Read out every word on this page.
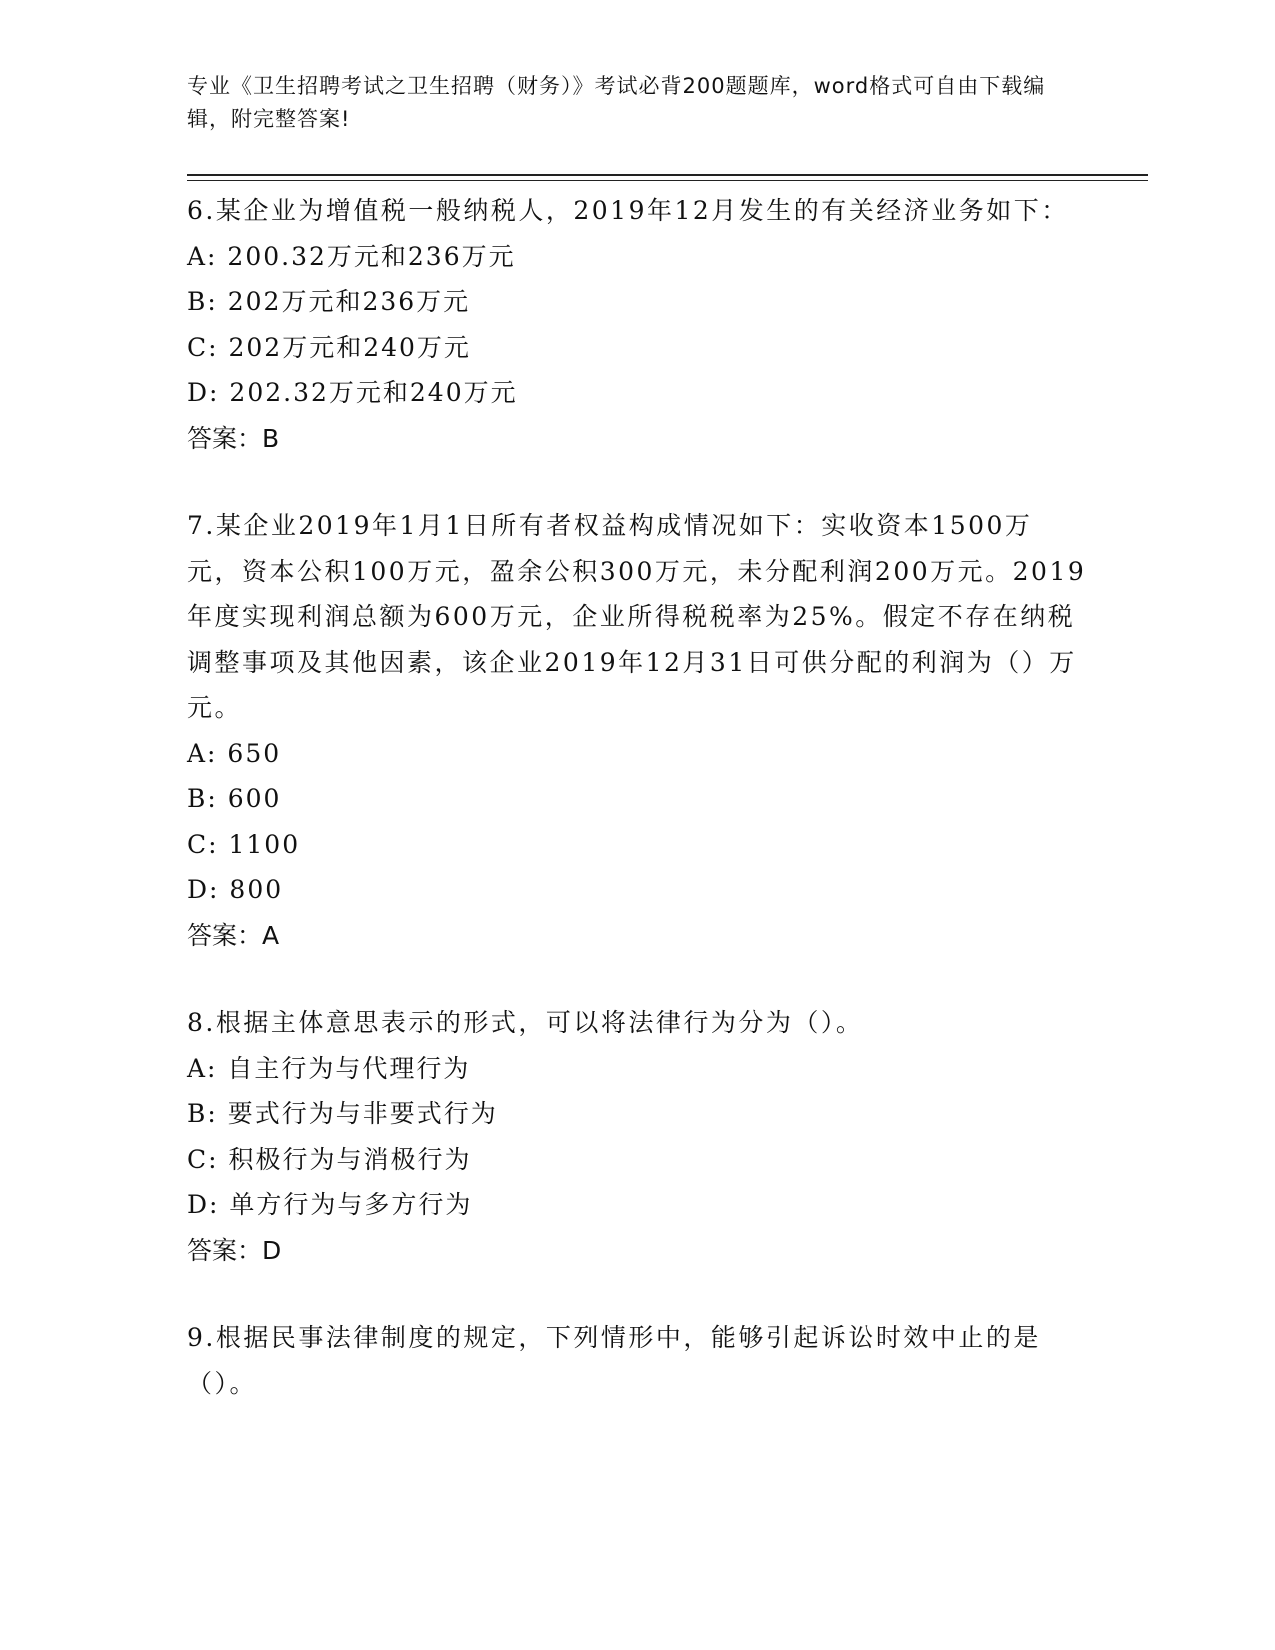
专业《卫生招聘考试之卫生招聘（财务）》考试必背200题题库，word格式可自由下载编辑，附完整答案!

6.某企业为增值税一般纳税人，2019年12月发生的有关经济业务如下：

A: 200.32万元和236万元

B: 202万元和236万元

C: 202万元和240万元

D: 202.32万元和240万元

答案：B

7.某企业2019年1月1日所有者权益构成情况如下：实收资本1500万元，资本公积100万元，盈余公积300万元，未分配利润200万元。2019年度实现利润总额为600万元，企业所得税税率为25%。假定不存在纳税调整事项及其他因素，该企业2019年12月31日可供分配的利润为（）万元。

A: 650

B: 600

C: 1100

D: 800

答案：A

8.根据主体意思表示的形式，可以将法律行为分为（）。

A: 自主行为与代理行为

B: 要式行为与非要式行为

C: 积极行为与消极行为

D: 单方行为与多方行为

答案：D

9.根据民事法律制度的规定，下列情形中，能够引起诉讼时效中止的是（）。
